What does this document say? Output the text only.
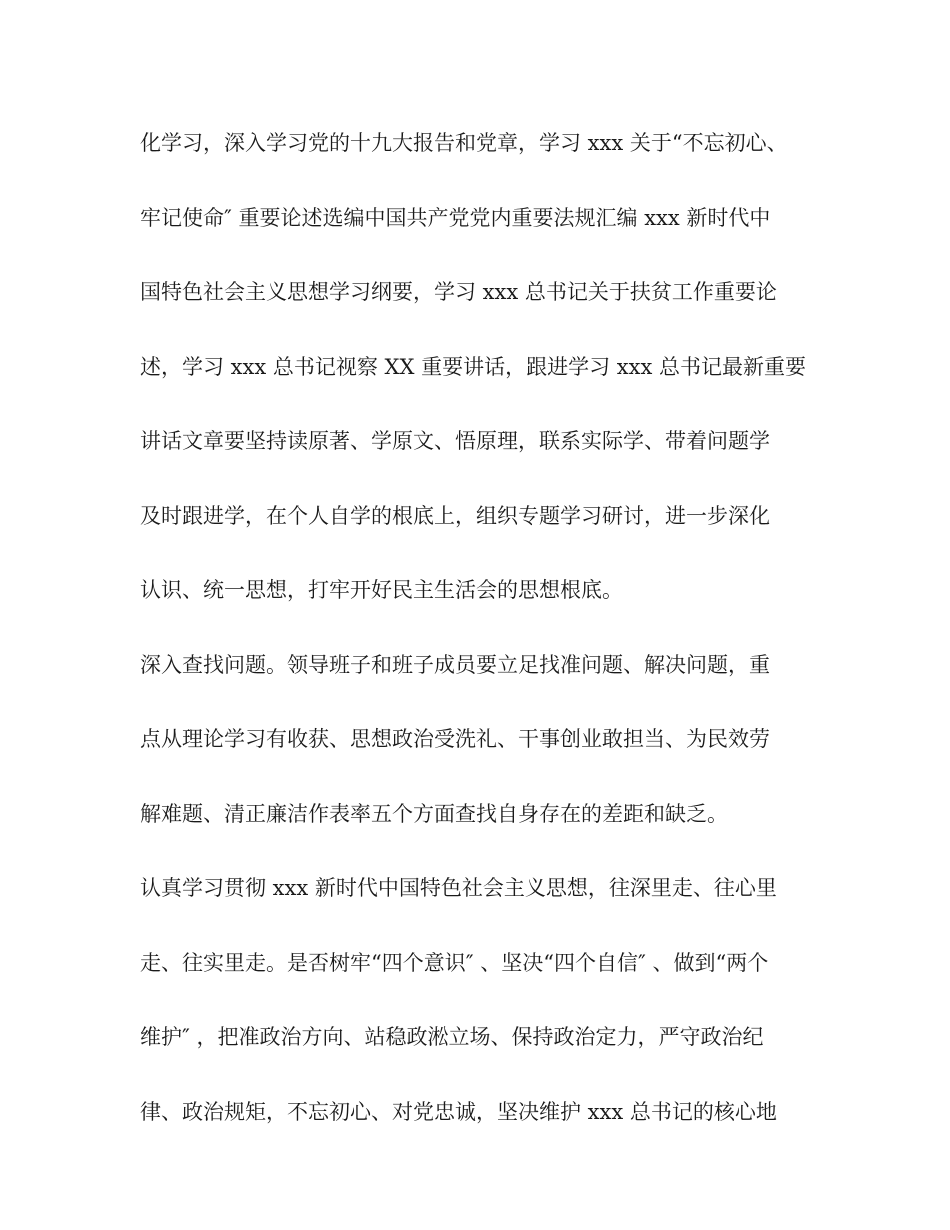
化学习，深入学习党的十九大报告和党章，学习 xxx 关于“不忘初心、
牢记使命″ 重要论述选编中国共产党党内重要法规汇编 xxx 新时代中
国特色社会主义思想学习纲要，学习 xxx 总书记关于扶贫工作重要论
述，学习 xxx 总书记视察 XX 重要讲话，跟进学习 xxx 总书记最新重要
讲话文章要坚持读原著、学原文、悟原理，联系实际学、带着问题学
及时跟进学，在个人自学的根底上，组织专题学习研讨，进一步深化
认识、统一思想，打牢开好民主生活会的思想根底。
深入查找问题。领导班子和班子成员要立足找准问题、解决问题，重
点从理论学习有收获、思想政治受洗礼、干事创业敢担当、为民效劳
解难题、清正廉洁作表率五个方面查找自身存在的差距和缺乏。
认真学习贯彻 xxx 新时代中国特色社会主义思想，往深里走、往心里
走、往实里走。是否树牢“四个意识″ 、坚决“四个自信″ 、做到“两个
维护″ ，把准政治方向、站稳政淞立场、保持政治定力，严守政治纪
律、政治规矩，不忘初心、对党忠诚，坚决维护 xxx 总书记的核心地
